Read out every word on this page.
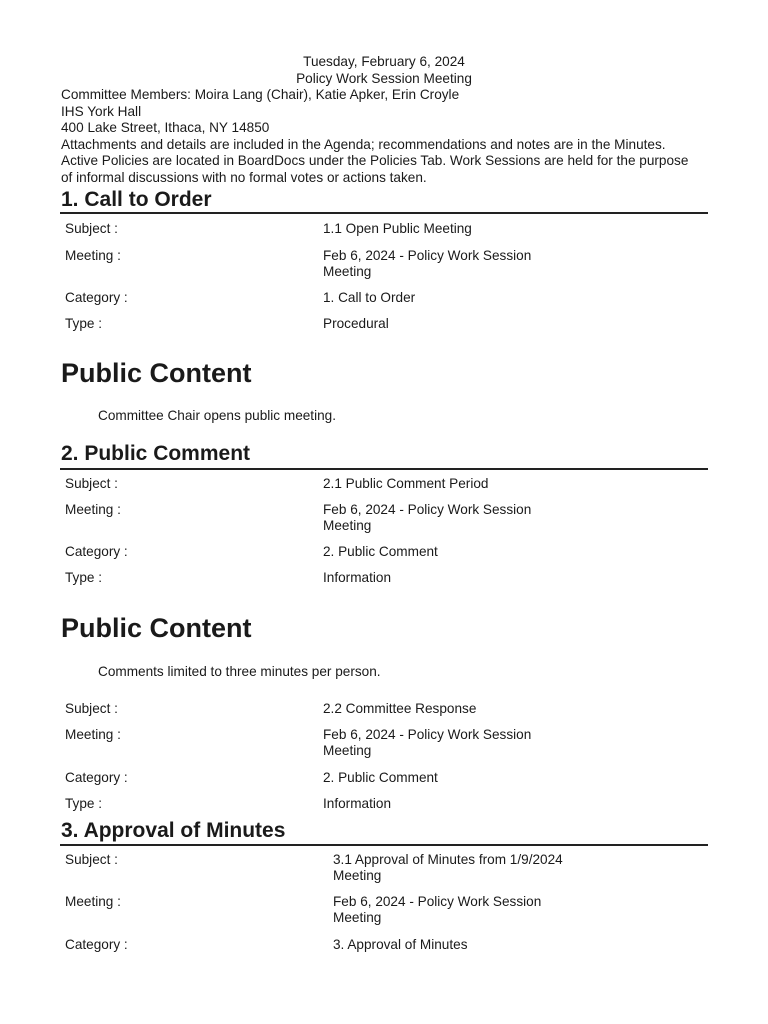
Tuesday, February 6, 2024
Policy Work Session Meeting
Committee Members: Moira Lang (Chair), Katie Apker, Erin Croyle
IHS York Hall
400 Lake Street, Ithaca, NY 14850
Attachments and details are included in the Agenda; recommendations and notes are in the Minutes.
Active Policies are located in BoardDocs under the Policies Tab. Work Sessions are held for the purpose
of informal discussions with no formal votes or actions taken.
1. Call to Order
Subject :	1.1 Open Public Meeting
Meeting :	Feb 6, 2024 - Policy Work Session
Meeting
Category :	1. Call to Order
Type :	Procedural
Public Content
Committee Chair opens public meeting.
2. Public Comment
Subject :	2.1 Public Comment Period
Meeting :	Feb 6, 2024 - Policy Work Session
Meeting
Category :	2. Public Comment
Type :	Information
Public Content
Comments limited to three minutes per person.
Subject :	2.2 Committee Response
Meeting :	Feb 6, 2024 - Policy Work Session
Meeting
Category :	2. Public Comment
Type :	Information
3. Approval of Minutes
Subject :	3.1 Approval of Minutes from 1/9/2024
Meeting
Meeting :	Feb 6, 2024 - Policy Work Session
Meeting
Category :	3. Approval of Minutes
